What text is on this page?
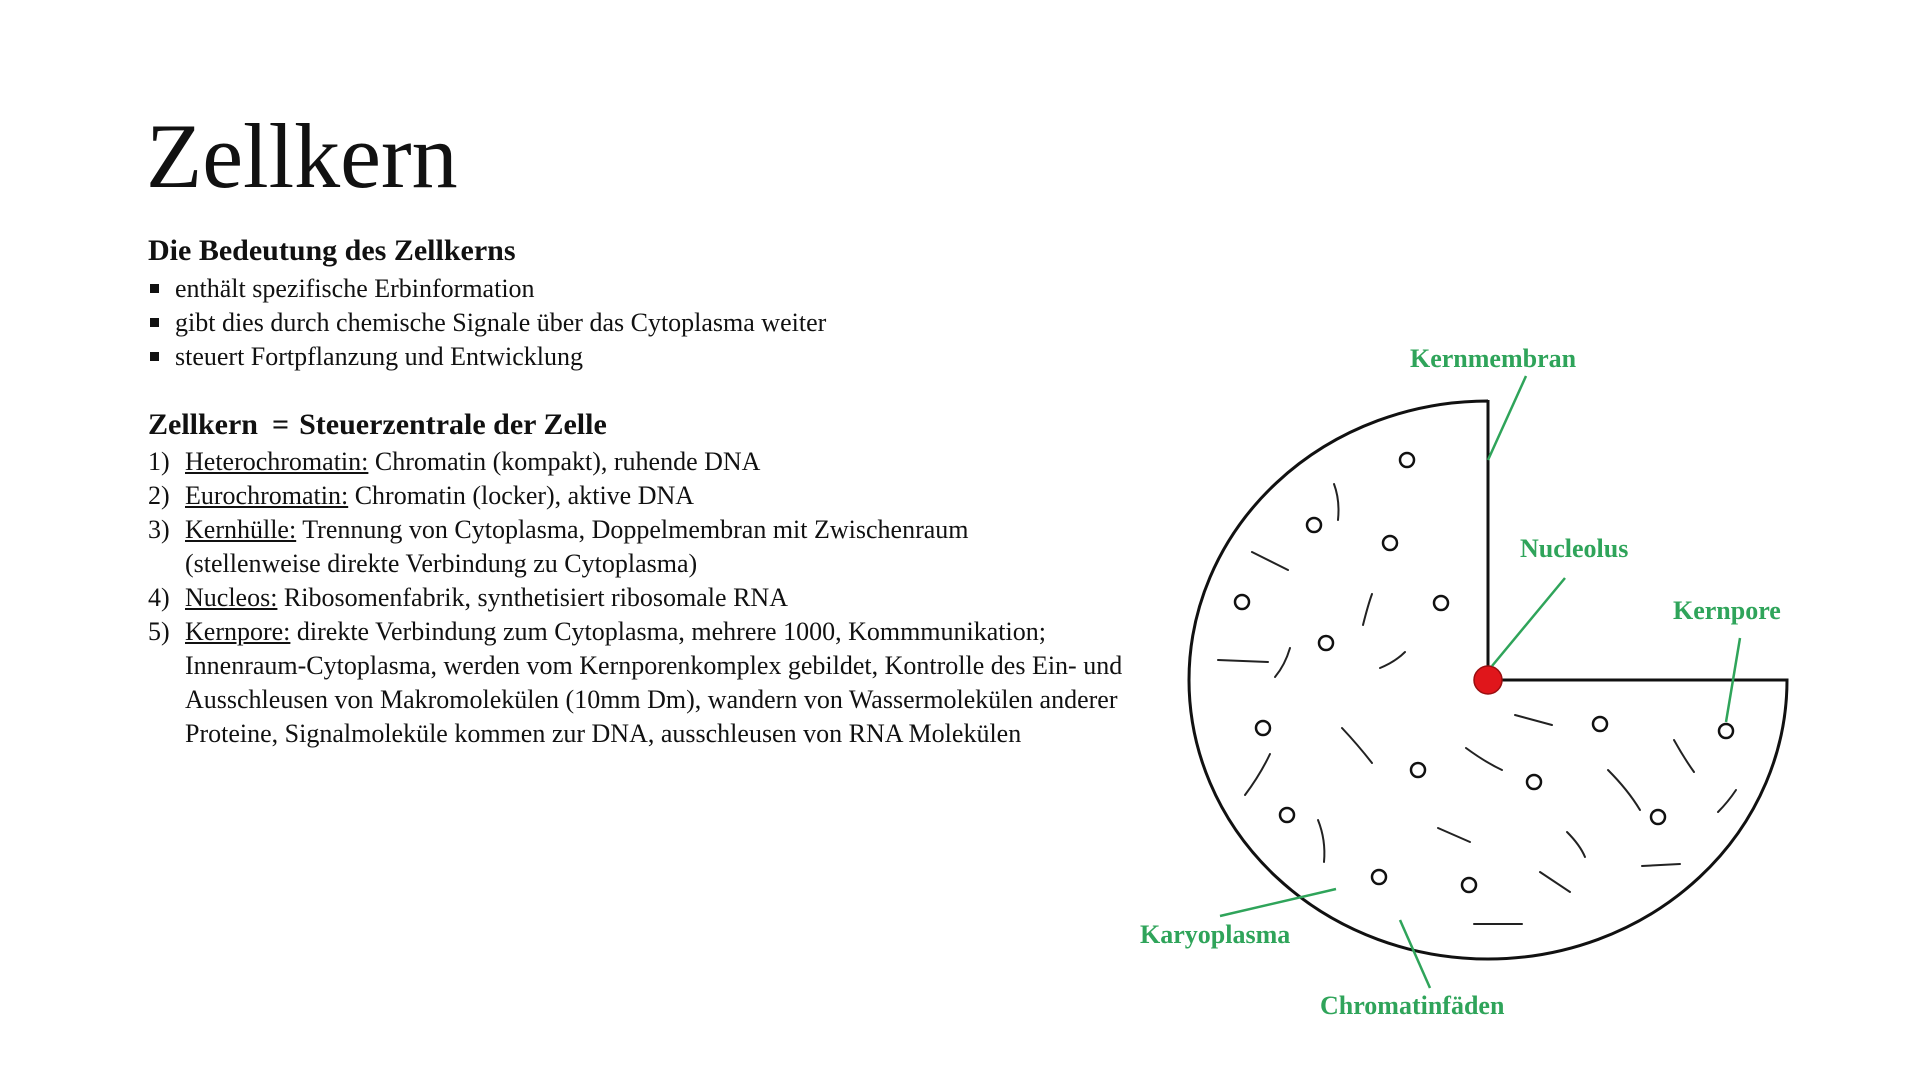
Zellkern
Die Bedeutung des Zellkerns
enthält spezifische Erbinformation
gibt dies durch chemische Signale über das Cytoplasma weiter
steuert Fortpflanzung und Entwicklung
Zellkern = Steuerzentrale der Zelle
1) Heterochromatin: Chromatin (kompakt), ruhende DNA
2) Eurochromatin: Chromatin (locker), aktive DNA
3) Kernhülle: Trennung von Cytoplasma, Doppelmembran mit Zwischenraum (stellenweise direkte Verbindung zu Cytoplasma)
4) Nucleos: Ribosomenfabrik, synthetisiert ribosomale RNA
5) Kernpore: direkte Verbindung zum Cytoplasma, mehrere 1000, Kommmunikation; Innenraum-Cytoplasma, werden vom Kernporenkomplex gebildet, Kontrolle des Ein- und Ausschleusen von Makromolekülen (10mm Dm), wandern von Wassermolekülen anderer Proteine, Signalmoleküle kommen zur DNA, ausschleusen von RNA Molekülen
Kernmembran
Nucleolus
Kernpore
Karyoplasma
Chromatinfäden
